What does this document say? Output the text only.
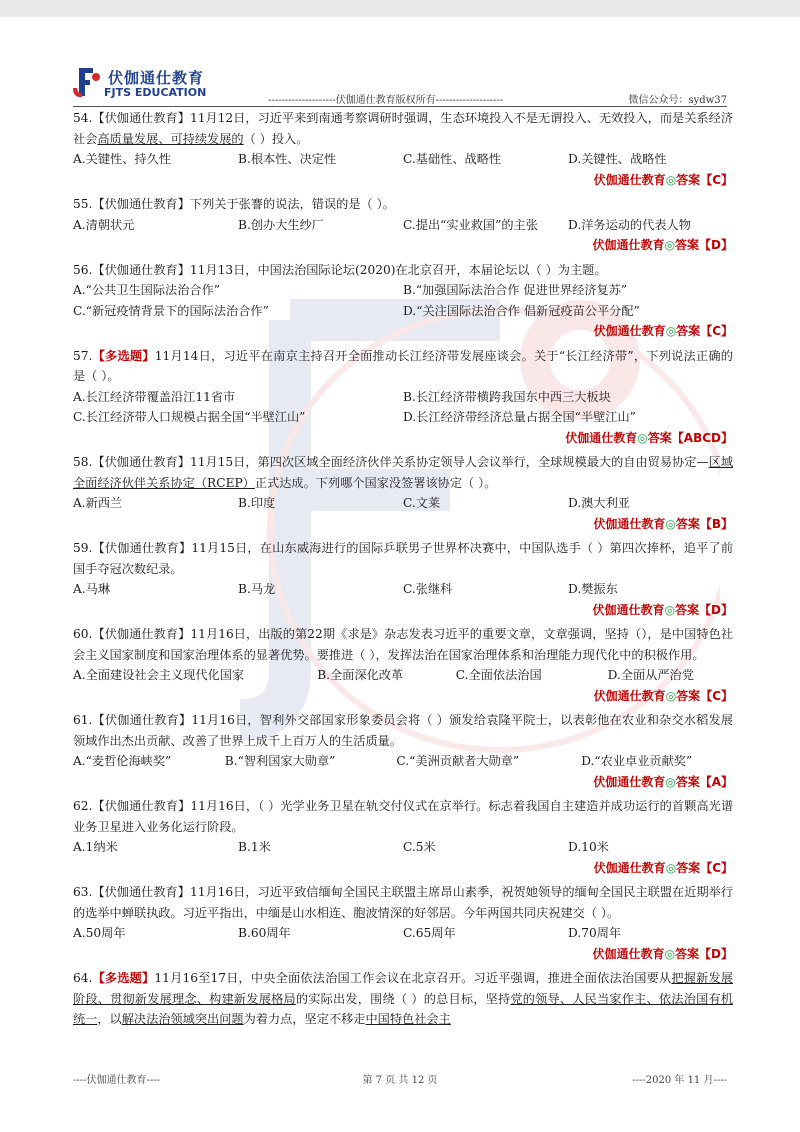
伏伽通仕教育
FJTS EDUCATION
--------------------伏伽通仕教育版权所有--------------------	微信公众号：sydw37

54.【伏伽通仕教育】11月12日，习近平来到南通考察调研时强调，生态环境投入不是无谓投入、无效投入，而是关系经济社会高质量发展、可持续发展的（ ）投入。

A.关键性、持久性	B.根本性、决定性	C.基础性、战略性	D.关键性、战略性
伏伽通仕教育◎答案【C】

55.【伏伽通仕教育】下列关于张謇的说法，错误的是（ ）。

A.清朝状元	B.创办大生纱厂	C.提出“实业救国”的主张	D.洋务运动的代表人物
伏伽通仕教育◎答案【D】

56.【伏伽通仕教育】11月13日，中国法治国际论坛(2020)在北京召开，本届论坛以（ ）为主题。

A.“公共卫生国际法治合作”	B.“加强国际法治合作 促进世界经济复苏”
C.“新冠疫情背景下的国际法治合作”	D.“关注国际法治合作 倡新冠疫苗公平分配”
伏伽通仕教育◎答案【C】

57.【多选题】11月14日，习近平在南京主持召开全面推动长江经济带发展座谈会。关于“长江经济带”，下列说法正确的是（ ）。

A.长江经济带覆盖沿江11省市	B.长江经济带横跨我国东中西三大板块
C.长江经济带人口规模占据全国“半壁江山”	D.长江经济带经济总量占据全国“半壁江山”
伏伽通仕教育◎答案【ABCD】

58.【伏伽通仕教育】11月15日，第四次区域全面经济伙伴关系协定领导人会议举行，全球规模最大的自由贸易协定—区域全面经济伙伴关系协定（RCEP）正式达成。下列哪个国家没签署该协定（ ）。

A.新西兰	B.印度	C.文莱	D.澳大利亚
伏伽通仕教育◎答案【B】

59.【伏伽通仕教育】11月15日，在山东威海进行的国际乒联男子世界杯决赛中，中国队选手（ ）第四次捧杯，追平了前国手夺冠次数纪录。

A.马琳	B.马龙	C.张继科	D.樊振东
伏伽通仕教育◎答案【D】

60.【伏伽通仕教育】11月16日，出版的第22期《求是》杂志发表习近平的重要文章，文章强调，坚持（），是中国特色社会主义国家制度和国家治理体系的显著优势。要推进（ ），发挥法治在国家治理体系和治理能力现代化中的积极作用。

A.全面建设社会主义现代化国家	B.全面深化改革	C.全面依法治国	D.全面从严治党
伏伽通仕教育◎答案【C】

61.【伏伽通仕教育】11月16日，智利外交部国家形象委员会将（ ）颁发给袁隆平院士，以表彰他在农业和杂交水稻发展领域作出杰出贡献、改善了世界上成千上百万人的生活质量。

A.“麦哲伦海峡奖”	B.“智利国家大勋章”	C.“美洲贡献者大勋章”	D.“农业卓业贡献奖”
伏伽通仕教育◎答案【A】

62.【伏伽通仕教育】11月16日，（ ）光学业务卫星在轨交付仪式在京举行。标志着我国自主建造并成功运行的首颗高光谱业务卫星进入业务化运行阶段。

A.1纳米	B.1米	C.5米	D.10米
伏伽通仕教育◎答案【C】

63.【伏伽通仕教育】11月16日，习近平致信缅甸全国民主联盟主席昂山素季，祝贺她领导的缅甸全国民主联盟在近期举行的选举中蝉联执政。习近平指出，中缅是山水相连、胞波情深的好邻居。今年两国共同庆祝建交（ ）。

A.50周年	B.60周年	C.65周年	D.70周年
伏伽通仕教育◎答案【D】

64.【多选题】11月16至17日，中央全面依法治国工作会议在北京召开。习近平强调，推进全面依法治国要从把握新发展阶段、贯彻新发展理念、构建新发展格局的实际出发，围绕（ ）的总目标，坚持党的领导、人民当家作主、依法治国有机统一，以解决法治领域突出问题为着力点，坚定不移走中国特色社会主

----伏伽通仕教育----	第 7 页 共 12 页	----2020 年 11 月----
